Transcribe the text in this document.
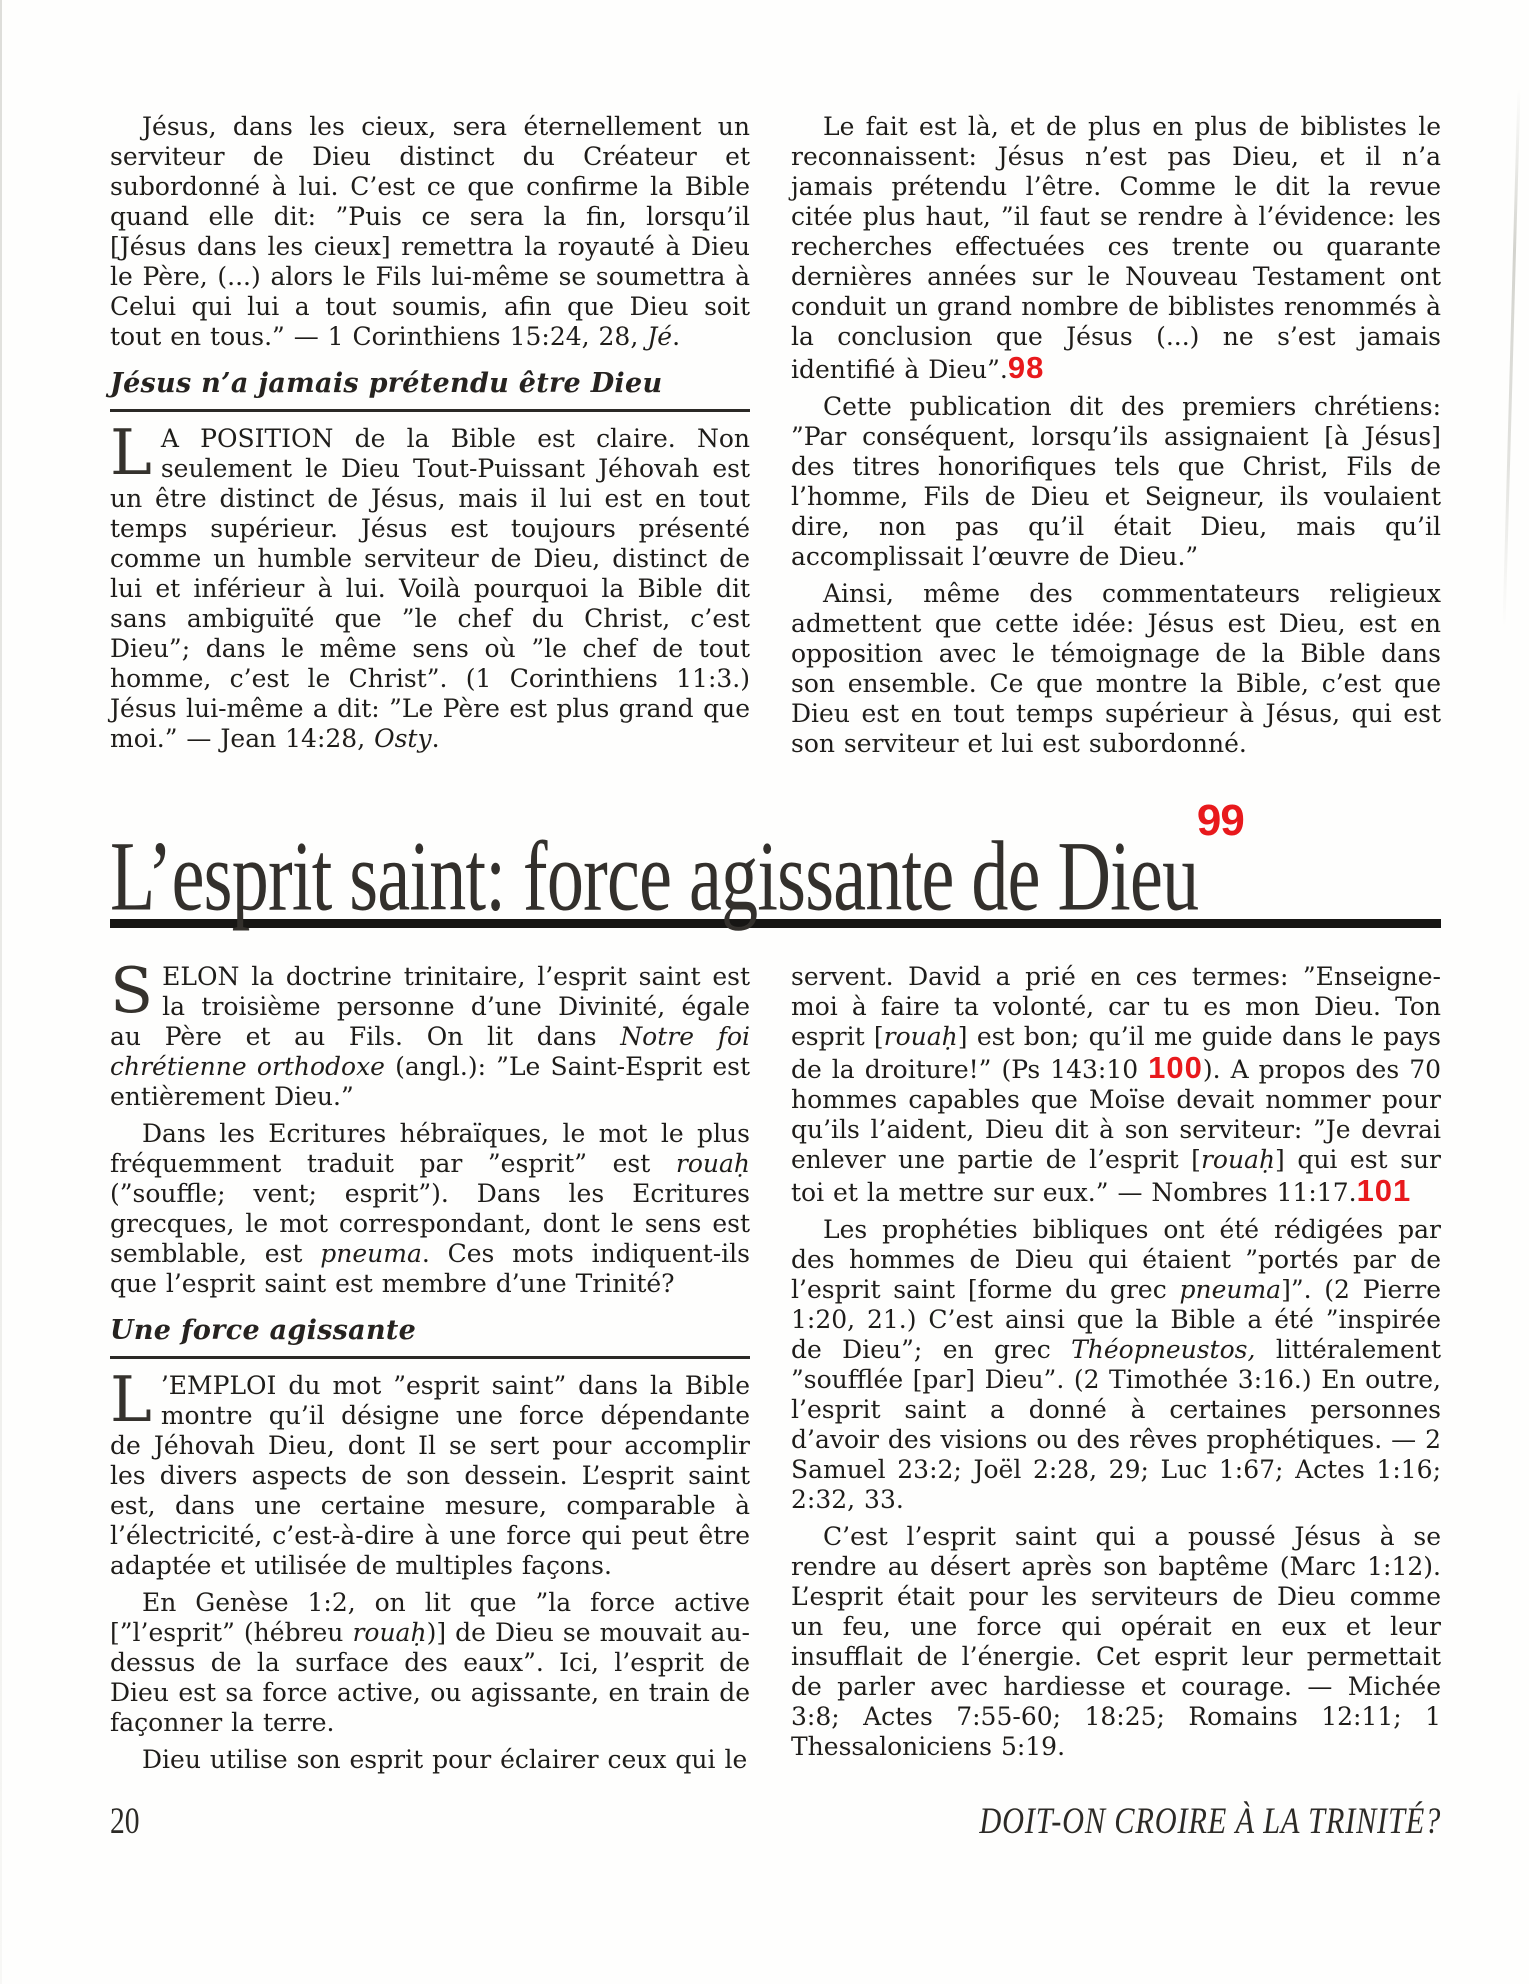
Jésus, dans les cieux, sera éternellement un serviteur de Dieu distinct du Créateur et subordonné à lui. C’est ce que confirme la Bible quand elle dit: ”Puis ce sera la fin, lorsqu’il [Jésus dans les cieux] remettra la royauté à Dieu le Père, (...) alors le Fils lui-même se soumettra à Celui qui lui a tout soumis, afin que Dieu soit tout en tous.” — 1 Corinthiens 15:24, 28, Jé.

Jésus n’a jamais prétendu être Dieu

L A POSITION de la Bible est claire. Non seulement le Dieu Tout-Puissant Jéhovah est un être distinct de Jésus, mais il lui est en tout temps supérieur. Jésus est toujours présenté comme un humble serviteur de Dieu, distinct de lui et inférieur à lui. Voilà pourquoi la Bible dit sans ambiguïté que ”le chef du Christ, c’est Dieu”; dans le même sens où ”le chef de tout homme, c’est le Christ”. (1 Corinthiens 11:3.) Jésus lui-même a dit: ”Le Père est plus grand que moi.” — Jean 14:28, Osty.

Le fait est là, et de plus en plus de biblistes le reconnaissent: Jésus n’est pas Dieu, et il n’a jamais prétendu l’être. Comme le dit la revue citée plus haut, ”il faut se rendre à l’évidence: les recherches effectuées ces trente ou quarante dernières années sur le Nouveau Testament ont conduit un grand nombre de biblistes renommés à la conclusion que Jésus (...) ne s’est jamais identifié à Dieu”.98

Cette publication dit des premiers chrétiens: ”Par conséquent, lorsqu’ils assignaient [à Jésus] des titres honorifiques tels que Christ, Fils de l’homme, Fils de Dieu et Seigneur, ils voulaient dire, non pas qu’il était Dieu, mais qu’il accomplissait l’œuvre de Dieu.”

Ainsi, même des commentateurs religieux admettent que cette idée: Jésus est Dieu, est en opposition avec le témoignage de la Bible dans son ensemble. Ce que montre la Bible, c’est que Dieu est en tout temps supérieur à Jésus, qui est son serviteur et lui est subordonné.

L’esprit saint: force agissante de Dieu$^{99}$

SELON la doctrine trinitaire, l’esprit saint est la troisième personne d’une Divinité, égale au Père et au Fils. On lit dans Notre foi chrétienne orthodoxe (angl.): ”Le Saint-Esprit est entièrement Dieu.”

Dans les Ecritures hébraïques, le mot le plus fréquemment traduit par ”esprit” est rouaḥ (”souffle; vent; esprit”). Dans les Ecritures grecques, le mot correspondant, dont le sens est semblable, est pneuma. Ces mots indiquent-ils que l’esprit saint est membre d’une Trinité?

Une force agissante

L ’EMPLOI du mot ”esprit saint” dans la Bible montre qu’il désigne une force dépendante de Jéhovah Dieu, dont Il se sert pour accomplir les divers aspects de son dessein. L’esprit saint est, dans une certaine mesure, comparable à l’électricité, c’est-à-dire à une force qui peut être adaptée et utilisée de multiples façons.

En Genèse 1:2, on lit que ”la force active [”l’esprit” (hébreu rouaḥ)] de Dieu se mouvait au-dessus de la surface des eaux”. Ici, l’esprit de Dieu est sa force active, ou agissante, en train de façonner la terre.

Dieu utilise son esprit pour éclairer ceux qui le

servent. David a prié en ces termes: ”Enseigne-moi à faire ta volonté, car tu es mon Dieu. Ton esprit [rouaḥ] est bon; qu’il me guide dans le pays de la droiture!” (Ps 143:10 100). A propos des 70 hommes capables que Moïse devait nommer pour qu’ils l’aident, Dieu dit à son serviteur: ”Je devrai enlever une partie de l’esprit [rouaḥ] qui est sur toi et la mettre sur eux.” — Nombres 11:17.101

Les prophéties bibliques ont été rédigées par des hommes de Dieu qui étaient ”portés par de l’esprit saint [forme du grec pneuma]”. (2 Pierre 1:20, 21.) C’est ainsi que la Bible a été ”inspirée de Dieu”; en grec Théopneustos, littéralement ”soufflée [par] Dieu”. (2 Timothée 3:16.) En outre, l’esprit saint a donné à certaines personnes d’avoir des visions ou des rêves prophétiques. — 2 Samuel 23:2; Joël 2:28, 29; Luc 1:67; Actes 1:16; 2:32, 33.

C’est l’esprit saint qui a poussé Jésus à se rendre au désert après son baptême (Marc 1:12). L’esprit était pour les serviteurs de Dieu comme un feu, une force qui opérait en eux et leur insufflait de l’énergie. Cet esprit leur permettait de parler avec hardiesse et courage. — Michée 3:8; Actes 7:55-60; 18:25; Romains 12:11; 1 Thessaloniciens 5:19.

20	DOIT-ON CROIRE À LA TRINITÉ?
